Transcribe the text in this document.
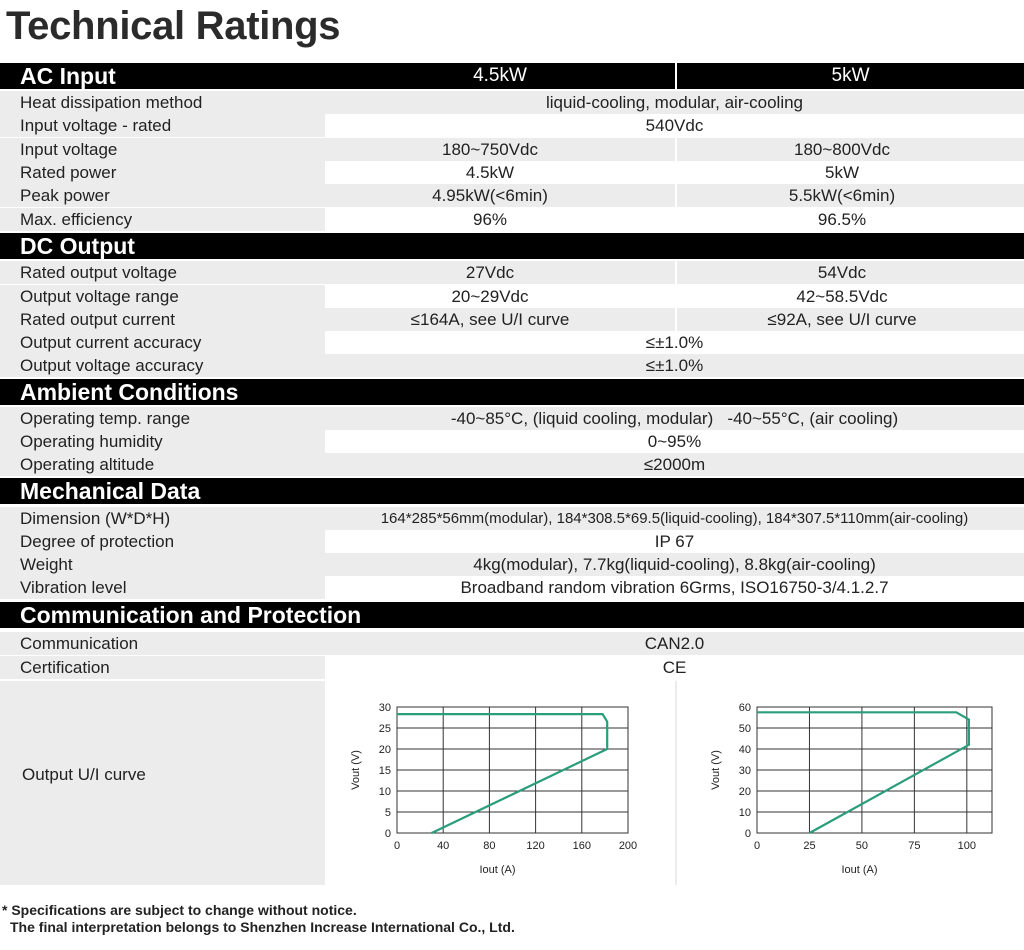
Technical Ratings
AC Input	4.5kW	5kW
Heat dissipation method	liquid-cooling, modular, air-cooling
Input voltage - rated	540Vdc
Input voltage	180~750Vdc	180~800Vdc
Rated power	4.5kW	5kW
Peak power	4.95kW(<6min)	5.5kW(<6min)
Max. efficiency	96%	96.5%
DC Output
Rated output voltage	27Vdc	54Vdc
Output voltage range	20~29Vdc	42~58.5Vdc
Rated output current	≤164A, see U/I curve	≤92A, see U/I curve
Output current accuracy	≤±1.0%
Output voltage accuracy	≤±1.0%
Ambient Conditions
Operating temp. range	-40~85°C, (liquid cooling, modular)   -40~55°C, (air cooling)
Operating humidity	0~95%
Operating altitude	≤2000m
Mechanical Data
Dimension (W*D*H)	164*285*56mm(modular), 184*308.5*69.5(liquid-cooling), 184*307.5*110mm(air-cooling)
Degree of protection	IP 67
Weight	4kg(modular), 7.7kg(liquid-cooling), 8.8kg(air-cooling)
Vibration level	Broadband random vibration 6Grms, ISO16750-3/4.1.2.7
Communication and Protection
Communication	CAN2.0
Certification	CE
Output U/I curve
0
5
10
15
20
25
30
0	40	80	120	160	200
Iout (A)
Vout (V)
0
10
20
30
40
50
60
0	25	50	75	100
Iout (A)
Vout (V)
* Specifications are subject to change without notice.
The final interpretation belongs to Shenzhen Increase International Co., Ltd.
